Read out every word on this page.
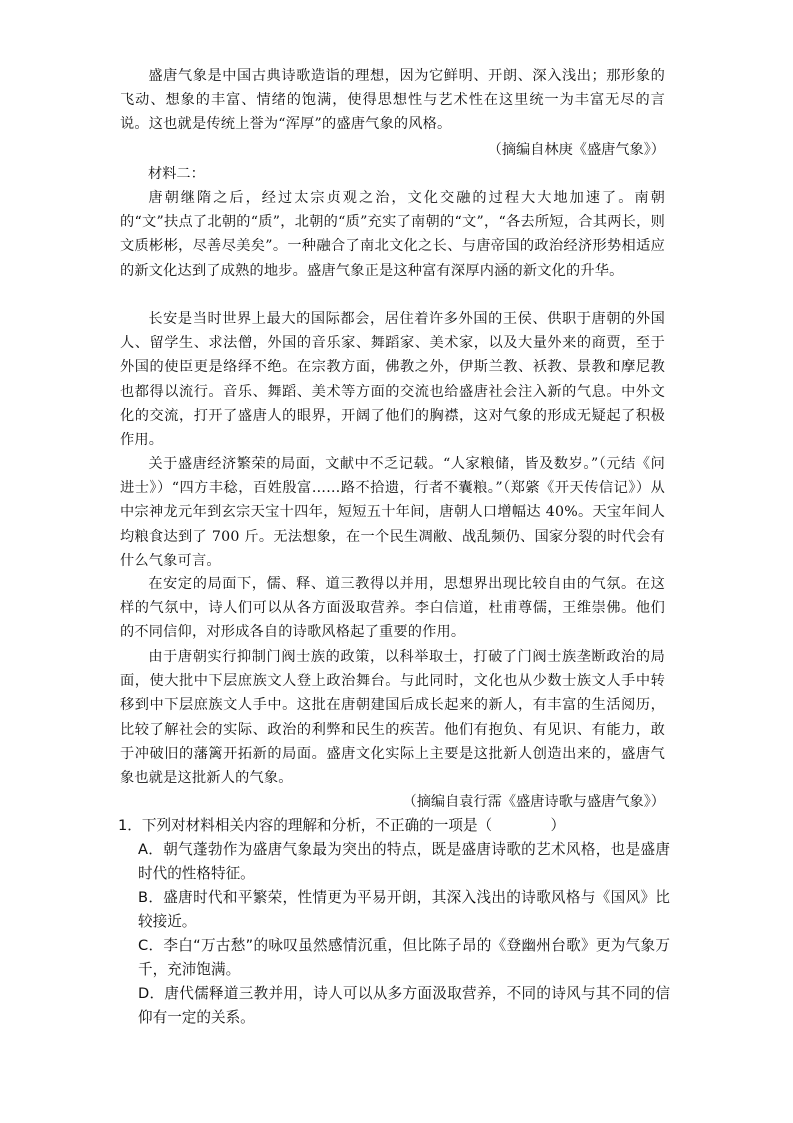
盛唐气象是中国古典诗歌造诣的理想，因为它鲜明、开朗、深入浅出；那形象的飞动、想象的丰富、情绪的饱满，使得思想性与艺术性在这里统一为丰富无尽的言说。这也就是传统上誉为“浑厚”的盛唐气象的风格。

（摘编自林庚《盛唐气象》）

材料二：

唐朝继隋之后，经过太宗贞观之治，文化交融的过程大大地加速了。南朝的“文”扶点了北朝的“质”，北朝的“质”充实了南朝的“文”，“各去所短，合其两长，则文质彬彬，尽善尽美矣”。一种融合了南北文化之长、与唐帝国的政治经济形势相适应的新文化达到了成熟的地步。盛唐气象正是这种富有深厚内涵的新文化的升华。

长安是当时世界上最大的国际都会，居住着许多外国的王侯、供职于唐朝的外国人、留学生、求法僧，外国的音乐家、舞蹈家、美术家，以及大量外来的商贾，至于外国的使臣更是络绎不绝。在宗教方面，佛教之外，伊斯兰教、袄教、景教和摩尼教也都得以流行。音乐、舞蹈、美术等方面的交流也给盛唐社会注入新的气息。中外文化的交流，打开了盛唐人的眼界，开阔了他们的胸襟，这对气象的形成无疑起了积极作用。

关于盛唐经济繁荣的局面，文献中不乏记载。“人家粮储，皆及数岁。”（元结《问进士》）“四方丰稔，百姓殷富……路不拾遗，行者不囊粮。”（郑綮《开天传信记》）从中宗神龙元年到玄宗天宝十四年，短短五十年间，唐朝人口增幅达 40%。天宝年间人均粮食达到了 700 斤。无法想象，在一个民生凋敝、战乱频仍、国家分裂的时代会有什么气象可言。

在安定的局面下，儒、释、道三教得以并用，思想界出现比较自由的气氛。在这样的气氛中，诗人们可以从各方面汲取营养。李白信道，杜甫尊儒，王维崇佛。他们的不同信仰，对形成各自的诗歌风格起了重要的作用。

由于唐朝实行抑制门阀士族的政策，以科举取士，打破了门阀士族垄断政治的局面，使大批中下层庶族文人登上政治舞台。与此同时，文化也从少数士族文人手中转移到中下层庶族文人手中。这批在唐朝建国后成长起来的新人，有丰富的生活阅历，比较了解社会的实际、政治的利弊和民生的疾苦。他们有抱负、有见识、有能力，敢于冲破旧的藩篱开拓新的局面。盛唐文化实际上主要是这批新人创造出来的，盛唐气象也就是这批新人的气象。

（摘编自袁行霈《盛唐诗歌与盛唐气象》）

1．下列对材料相关内容的理解和分析，不正确的一项是（　　　　）

A．朝气蓬勃作为盛唐气象最为突出的特点，既是盛唐诗歌的艺术风格，也是盛唐时代的性格特征。

B．盛唐时代和平繁荣，性情更为平易开朗，其深入浅出的诗歌风格与《国风》比较接近。

C．李白“万古愁”的咏叹虽然感情沉重，但比陈子昂的《登幽州台歌》更为气象万千，充沛饱满。

D．唐代儒释道三教并用，诗人可以从多方面汲取营养，不同的诗风与其不同的信仰有一定的关系。
